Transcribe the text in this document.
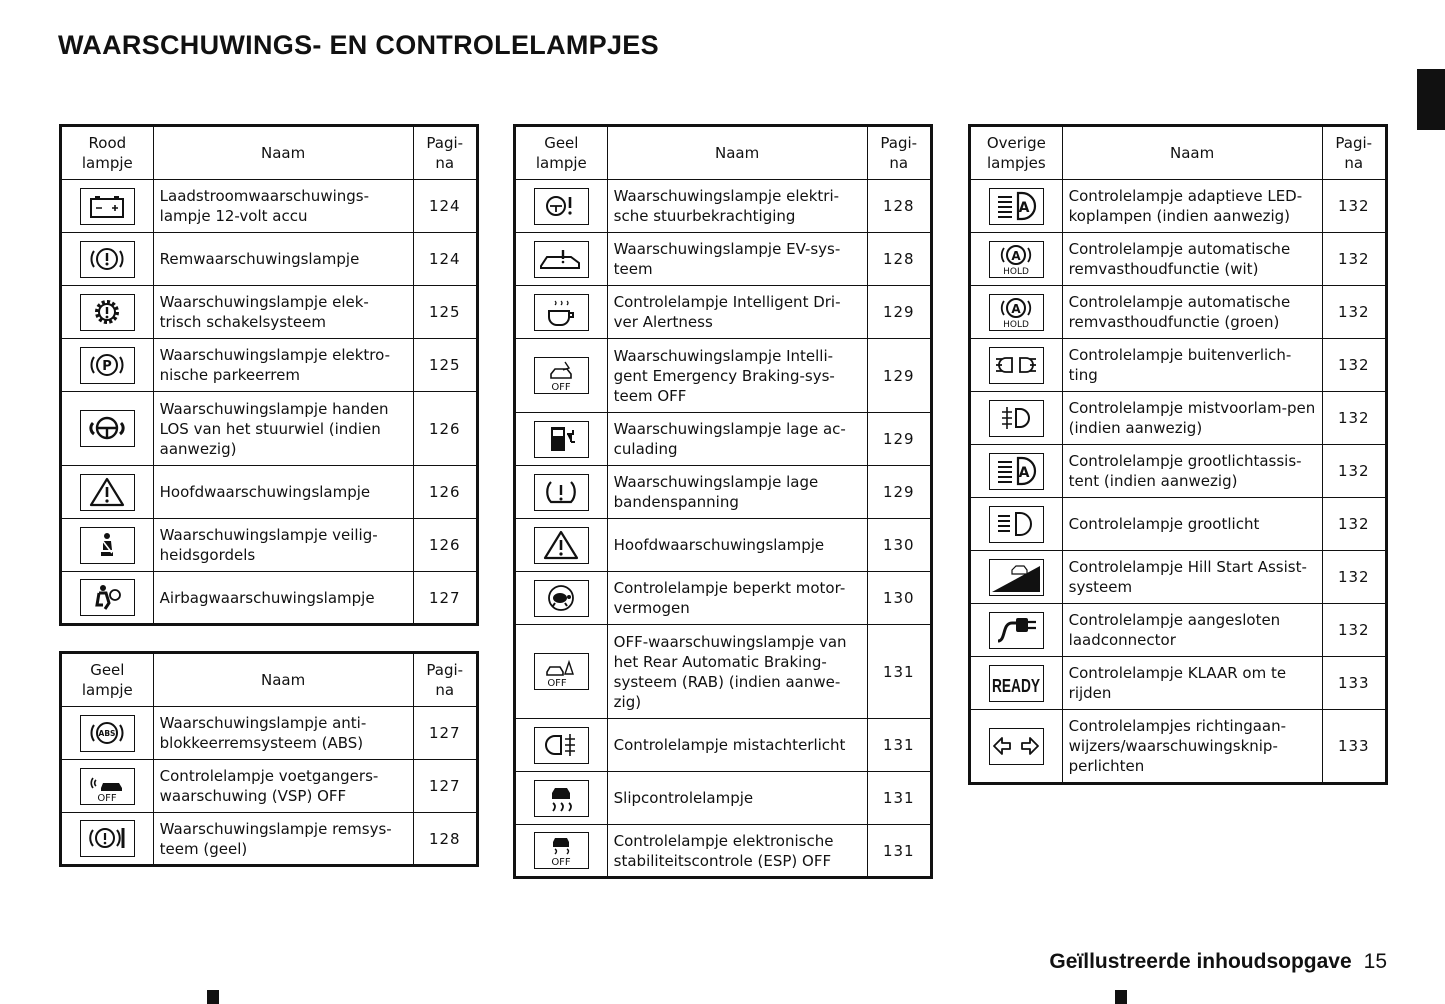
WAARSCHUWINGS- EN CONTROLELAMPJES
Rood lampje	Naam	Pagi-na

	Laadstroomwaarschuwings-lampje 12-volt accu	124

	Remwaarschuwingslampje	124

	Waarschuwingslampje elek-trisch schakelsysteem	125

	Waarschuwingslampje elektro-nische parkeerrem	125

	Waarschuwingslampje handen LOS van het stuurwiel (indien aanwezig)	126

	Hoofdwaarschuwingslampje	126

	Waarschuwingslampje veilig-heidsgordels	126

	Airbagwaarschuwingslampje	127
Geel lampje	Naam	Pagi-na

	Waarschuwingslampje anti-blokkeerremsysteem (ABS)	127

	Controlelampje voetgangers-waarschuwing (VSP) OFF	127

	Waarschuwingslampje remsys-teem (geel)	128
Geel lampje	Naam	Pagi-na

	Waarschuwingslampje elektri-sche stuurbekrachtiging	128

	Waarschuwingslampje EV-sys-teem	128

	Controlelampje Intelligent Dri-ver Alertness	129

	Waarschuwingslampje Intelli-gent Emergency Braking-sys-teem OFF	129

	Waarschuwingslampje lage ac-culading	129

	Waarschuwingslampje lage bandenspanning	129

	Hoofdwaarschuwingslampje	130

	Controlelampje beperkt motor-vermogen	130

	OFF-waarschuwingslampje van het Rear Automatic Braking-systeem (RAB) (indien aanwe-zig)	131

	Controlelampje mistachterlicht	131

	Slipcontrolelampje	131

	Controlelampje elektronische stabiliteitscontrole (ESP) OFF	131
Overige lampjes	Naam	Pagi-na

	Controlelampje adaptieve LED-koplampen (indien aanwezig)	132

	Controlelampje automatische remvasthoudfunctie (wit)	132

	Controlelampje automatische remvasthoudfunctie (groen)	132

	Controlelampje buitenverlich-ting	132

	Controlelampje mistvoorlam-pen (indien aanwezig)	132

	Controlelampje grootlichtassis-tent (indien aanwezig)	132

	Controlelampje grootlicht	132

	Controlelampje Hill Start Assist-systeem	132

	Controlelampje aangesloten laadconnector	132

	Controlelampje KLAAR om te rijden	133

	Controlelampjes richtingaan-wijzers/waarschuwingsknip-perlichten	133
Geïllustreerde inhoudsopgave 15
